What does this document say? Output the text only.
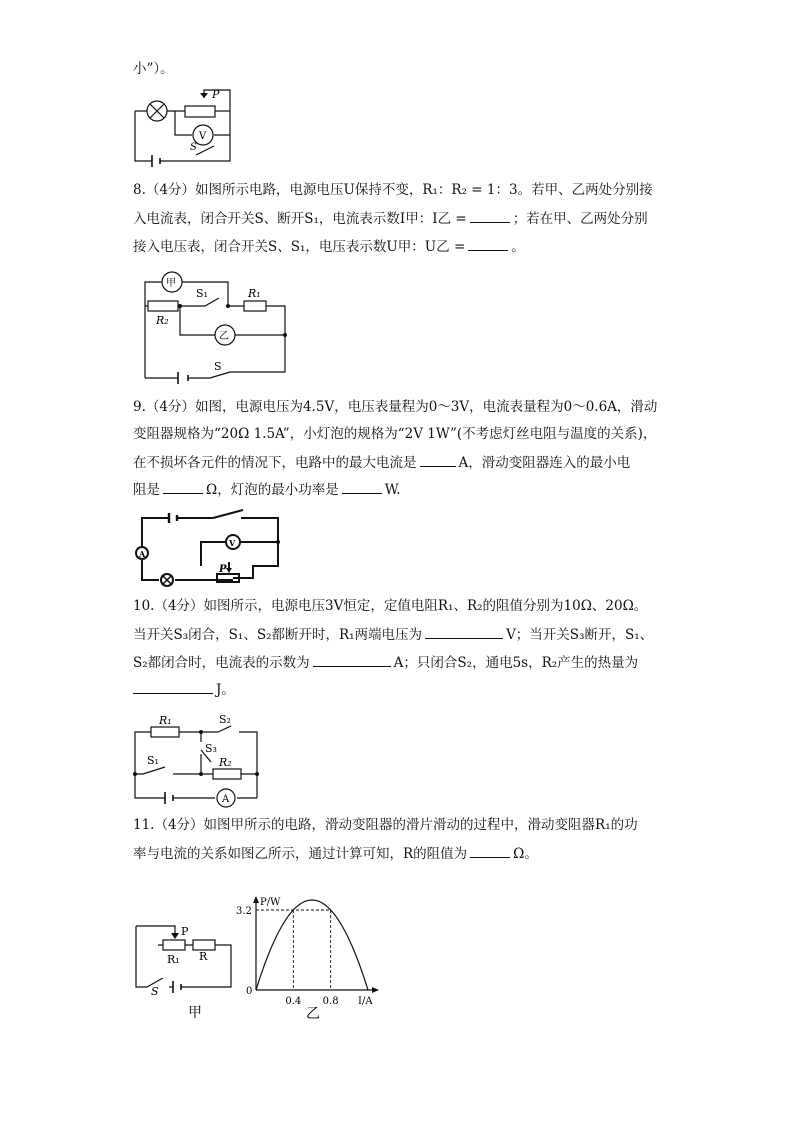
小”）。
P
V
S
8.（4分）如图所示电路，电源电压U保持不变，R₁：R₂ = 1：3。若甲、乙两处分别接
入电流表，闭合开关S、断开S₁，电流表示数I甲：I乙 =	；若在甲、乙两处分别
接入电压表，闭合开关S、S₁，电压表示数U甲：U乙 =	。
甲
乙
S₁	R₁
R₂
S
9.（4分）如图，电源电压为4.5V，电压表量程为0～3V，电流表量程为0～0.6A，滑动
变阻器规格为“20Ω 1.5A”，小灯泡的规格为“2V 1W”(不考虑灯丝电阻与温度的关系)，
在不损坏各元件的情况下，电路中的最大电流是	A，滑动变阻器连入的最小电
阻是	Ω，灯泡的最小功率是	W.
A
V
P
10.（4分）如图所示，电源电压3V恒定，定值电阻R₁、R₂的阻值分别为10Ω、20Ω。
当开关S₃闭合，S₁、S₂都断开时，R₁两端电压为	V；当开关S₃断开，S₁、
S₂都闭合时，电流表的示数为	A；只闭合S₂，通电5s，R₂产生的热量为
J。
R₁	S₂
S₃
S₁	R₂
A
11.（4分）如图甲所示的电路，滑动变阻器的滑片滑动的过程中，滑动变阻器R₁的功
率与电流的关系如图乙所示，通过计算可知，R的阻值为	Ω。
P
R₁ R
S
甲
3.2
0.4 0.8
P/W
I/A
0
乙
